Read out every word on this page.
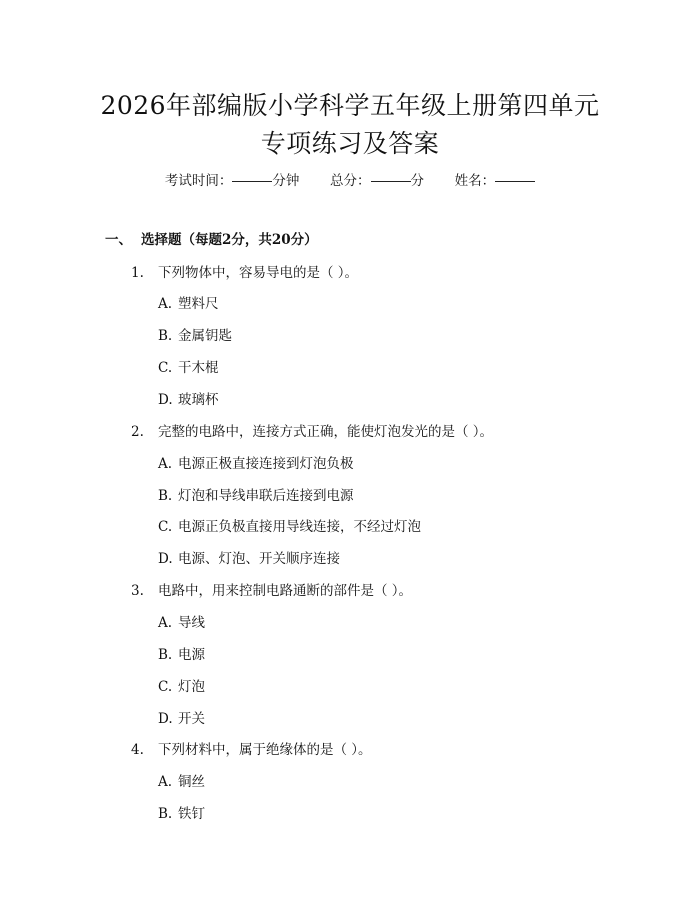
2026年部编版小学科学五年级上册第四单元
专项练习及答案
考试时间：	分钟 总分：	分 姓名：
一、 选择题（每题2分，共20分）
1. 下列物体中，容易导电的是（ ）。
A. 塑料尺
B. 金属钥匙
C. 干木棍
D. 玻璃杯
2. 完整的电路中，连接方式正确，能使灯泡发光的是（ ）。
A. 电源正极直接连接到灯泡负极
B. 灯泡和导线串联后连接到电源
C. 电源正负极直接用导线连接，不经过灯泡
D. 电源、灯泡、开关顺序连接
3. 电路中，用来控制电路通断的部件是（ ）。
A. 导线
B. 电源
C. 灯泡
D. 开关
4. 下列材料中，属于绝缘体的是（ ）。
A. 铜丝
B. 铁钉
